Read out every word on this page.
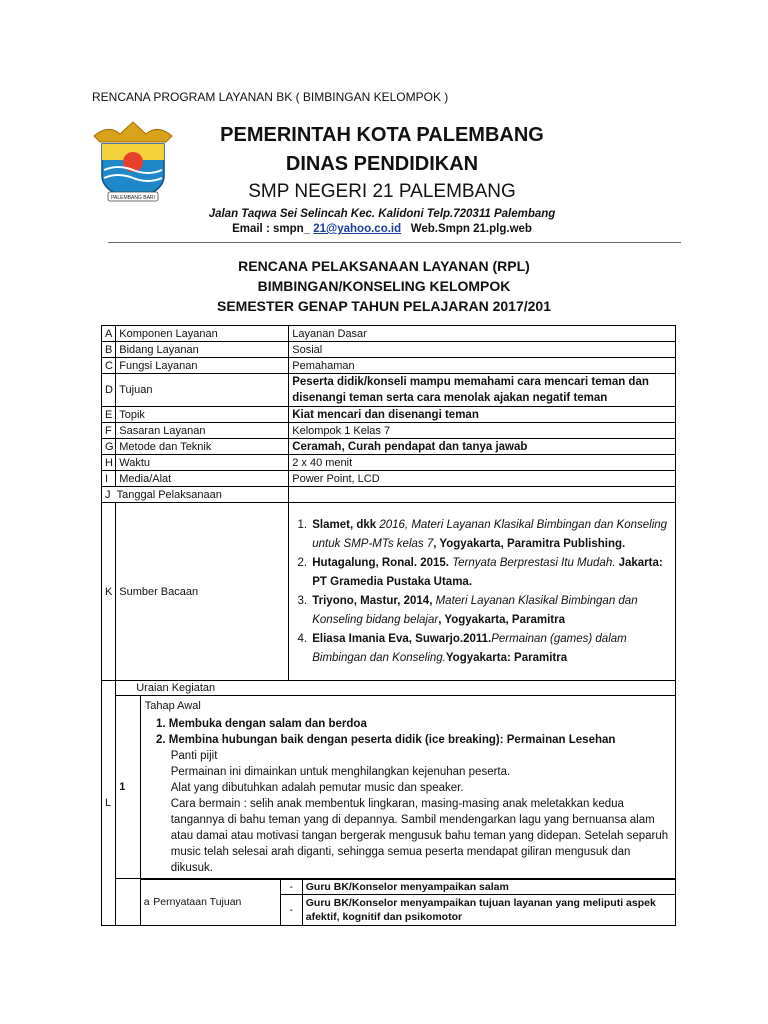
RENCANA PROGRAM LAYANAN BK ( BIMBINGAN KELOMPOK )
PALEMBANG BARI
PEMERINTAH KOTA PALEMBANG
DINAS PENDIDIKAN
SMP NEGERI 21 PALEMBANG
Jalan Taqwa Sei Selincah Kec. Kalidoni Telp.720311 Palembang
Email : smpn_ 21@yahoo.co.id Web.Smpn 21.plg.web
RENCANA PELAKSANAAN LAYANAN (RPL)
BIMBINGAN/KONSELING KELOMPOK
SEMESTER GENAP TAHUN PELAJARAN 2017/201
A	Komponen Layanan	Layanan Dasar
B	Bidang Layanan	Sosial
C	Fungsi Layanan	Pemahaman
D	Tujuan	Peserta didik/konseli mampu memahami cara mencari teman dan disenangi teman serta cara menolak ajakan negatif teman
E	Topik	Kiat mencari dan disenangi teman
F	Sasaran Layanan	Kelompok 1 Kelas 7
G	Metode dan Teknik	Ceramah, Curah pendapat dan tanya jawab
H	Waktu	2 x 40 menit
I	Media/Alat	Power Point, LCD
J Tanggal Pelaksanaan	
K	Sumber Bacaan	
1. Slamet, dkk 2016, Materi Layanan Klasikal Bimbingan dan Konseling untuk SMP-MTs kelas 7, Yogyakarta, Paramitra Publishing.
2. Hutagalung, Ronal. 2015. Ternyata Berprestasi Itu Mudah. Jakarta: PT Gramedia Pustaka Utama.
3. Triyono, Mastur, 2014, Materi Layanan Klasikal Bimbingan dan Konseling bidang belajar, Yogyakarta, Paramitra
4. Eliasa Imania Eva, Suwarjo.2011.Permainan (games) dalam Bimbingan dan Konseling.Yogyakarta: Paramitra

L	Uraian Kegiatan

1	
Tahap Awal
1. Membuka dengan salam dan berdoa
2. Membina hubungan baik dengan peserta didik (ice breaking): Permainan Lesehan

Panti pijit

Permainan ini dimainkan untuk menghilangkan kejenuhan peserta.

Alat yang dibutuhkan adalah pemutar music dan speaker.

Cara bermain : selih anak membentuk lingkaran, masing-masing anak meletakkan kedua tangannya di bahu teman yang di depannya. Sambil mendengarkan lagu yang bernuansa alam atau damai atau motivasi tangan bergerak mengusuk bahu teman yang didepan. Setelah separuh music telah selesai arah diganti, sehingga semua peserta mendapat giliran mengusuk dan dikusuk.

	a	Pernyataan Tujuan	-	Guru BK/Konselor menyampaikan salam
-	Guru BK/Konselor menyampaikan tujuan layanan yang meliputi aspek afektif, kognitif dan psikomotor
